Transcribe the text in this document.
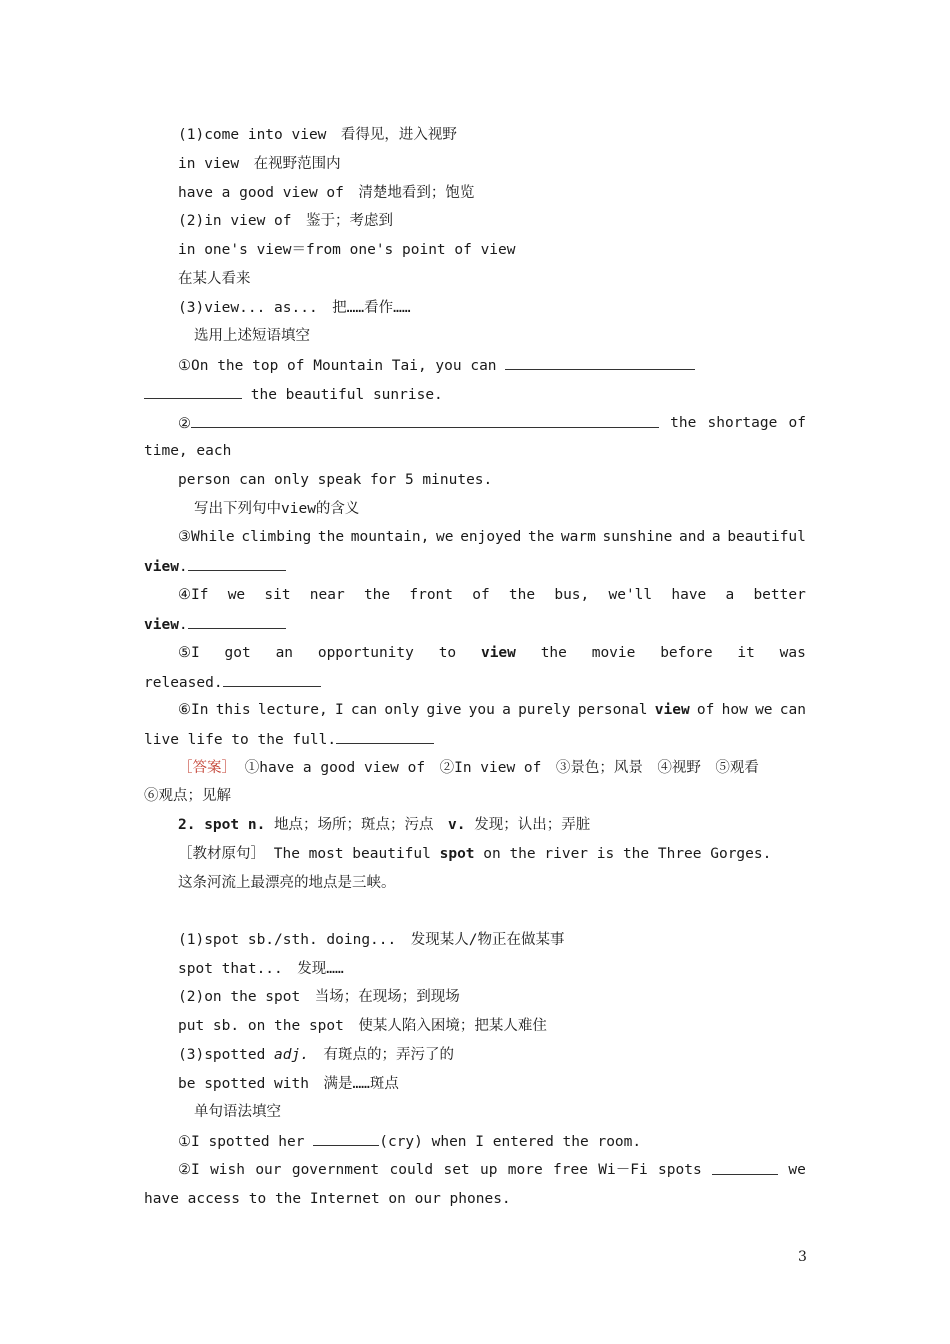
(1)come into view　看得见，进入视野
in view　在视野范围内
have a good view of　清楚地看到；饱览
(2)in view of　鉴于；考虑到
in one's view＝from one's point of view
在某人看来
(3)view... as...　把……看作……
选用上述短语填空
①On the top of Mountain Tai, you can
the beautiful sunrise.
②	the shortage of
time, each
person can only speak for 5 minutes.
写出下列句中view的含义
③While climbing the mountain, we enjoyed the warm sunshine and a beautiful
view.
④If we sit near the front of the bus, we'll have a better
view.
⑤I got an opportunity to view the movie before it was
released.
⑥In this lecture, I can only give you a purely personal view of how we can
live life to the full.
［答案］ ①have a good view of　②In view of　③景色；风景　④视野　⑤观看
⑥观点；见解
2. spot n. 地点；场所；斑点；污点　v. 发现；认出；弄脏
［教材原句］ The most beautiful spot on the river is the Three Gorges.
这条河流上最漂亮的地点是三峡。
(1)spot sb./sth. doing...　发现某人/物正在做某事
spot that...　发现……
(2)on the spot　当场；在现场；到现场
put sb. on the spot　使某人陷入困境；把某人难住
(3)spotted adj.　有斑点的；弄污了的
be spotted with　满是……斑点
单句语法填空
①I spotted her	(cry) when I entered the room.
②I wish our government could set up more free Wi－Fi spots	we
have access to the Internet on our phones.
3
